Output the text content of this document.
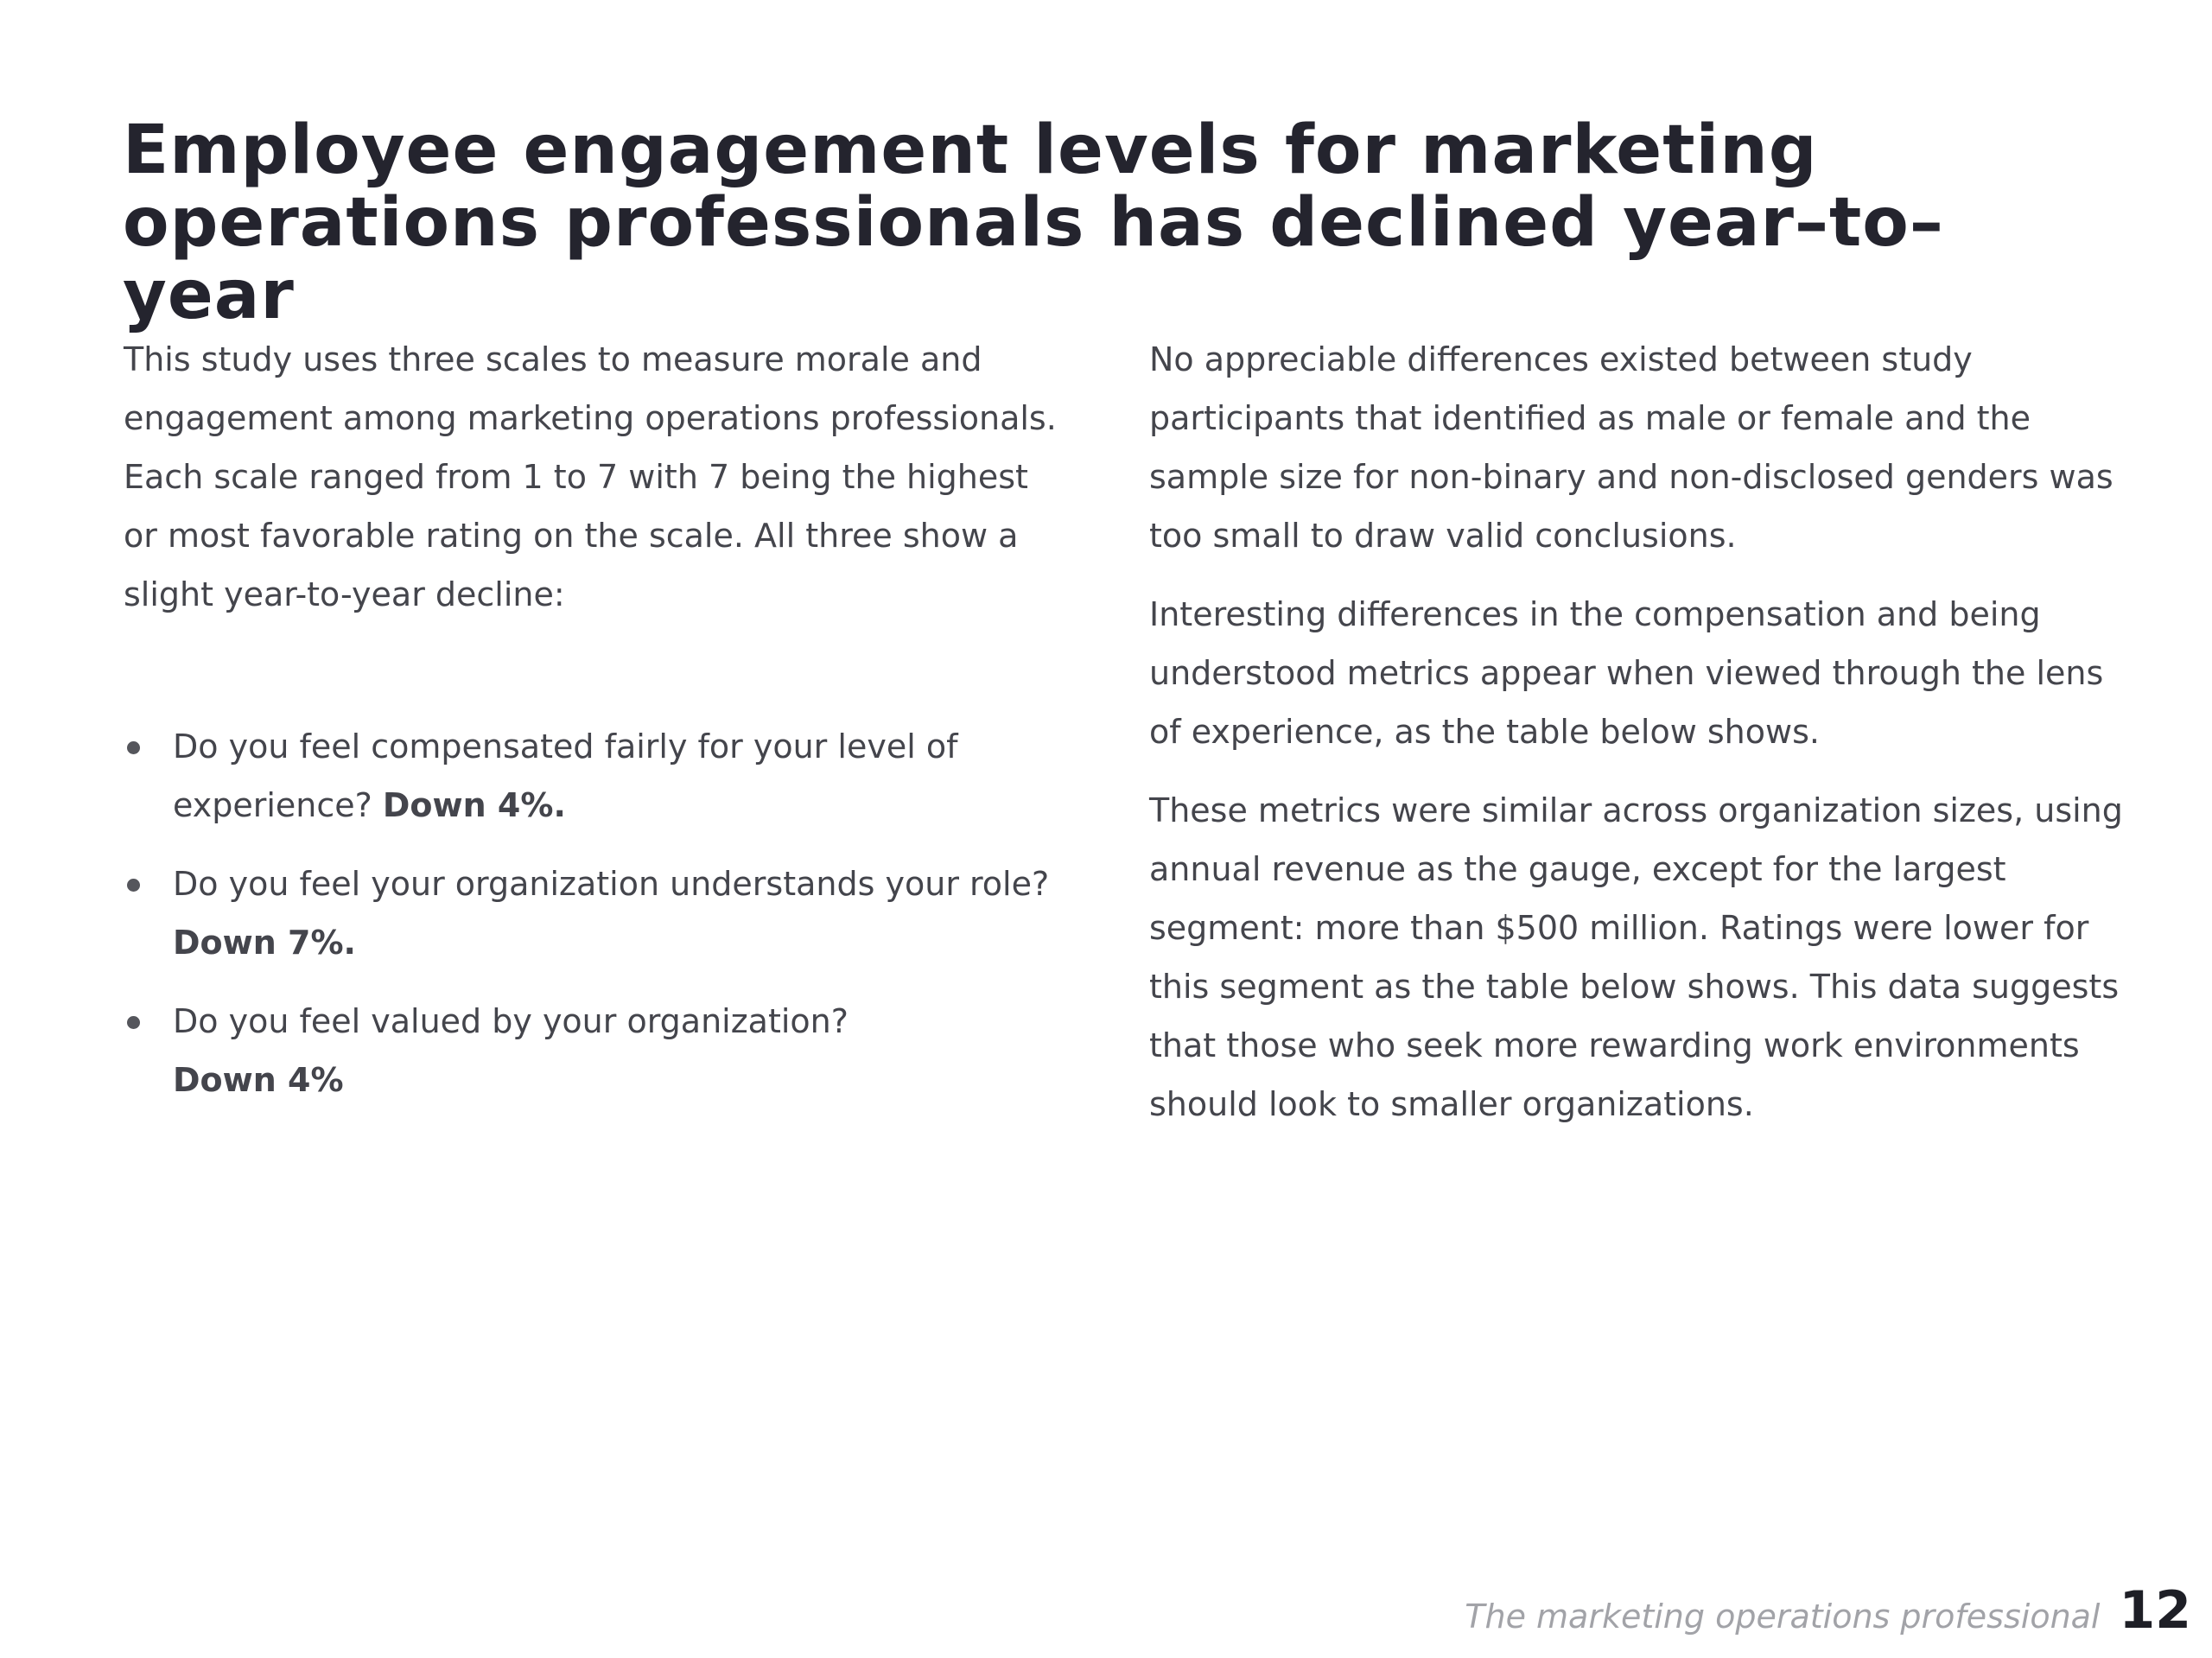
Employee engagement levels for marketing
operations professionals has declined year–to–year

This study uses three scales to measure morale and engagement among marketing operations professionals. Each scale ranged from 1 to 7 with 7 being the highest or most favorable rating on the scale. All three show a slight year-to-year decline:

Do you feel compensated fairly for your level of experience? Down 4%.
Do you feel your organization understands your role?
Down 7%.
Do you feel valued by your organization?
Down 4%

No appreciable differences existed between study participants that identified as male or female and the sample size for non-binary and non-disclosed genders was too small to draw valid conclusions.

Interesting differences in the compensation and being understood metrics appear when viewed through the lens of experience, as the table below shows.

These metrics were similar across organization sizes, using annual revenue as the gauge, except for the largest segment: more than $500 million. Ratings were lower for this segment as the table below shows. This data suggests that those who seek more rewarding work environments should look to smaller organizations.

The marketing operations professional 12
